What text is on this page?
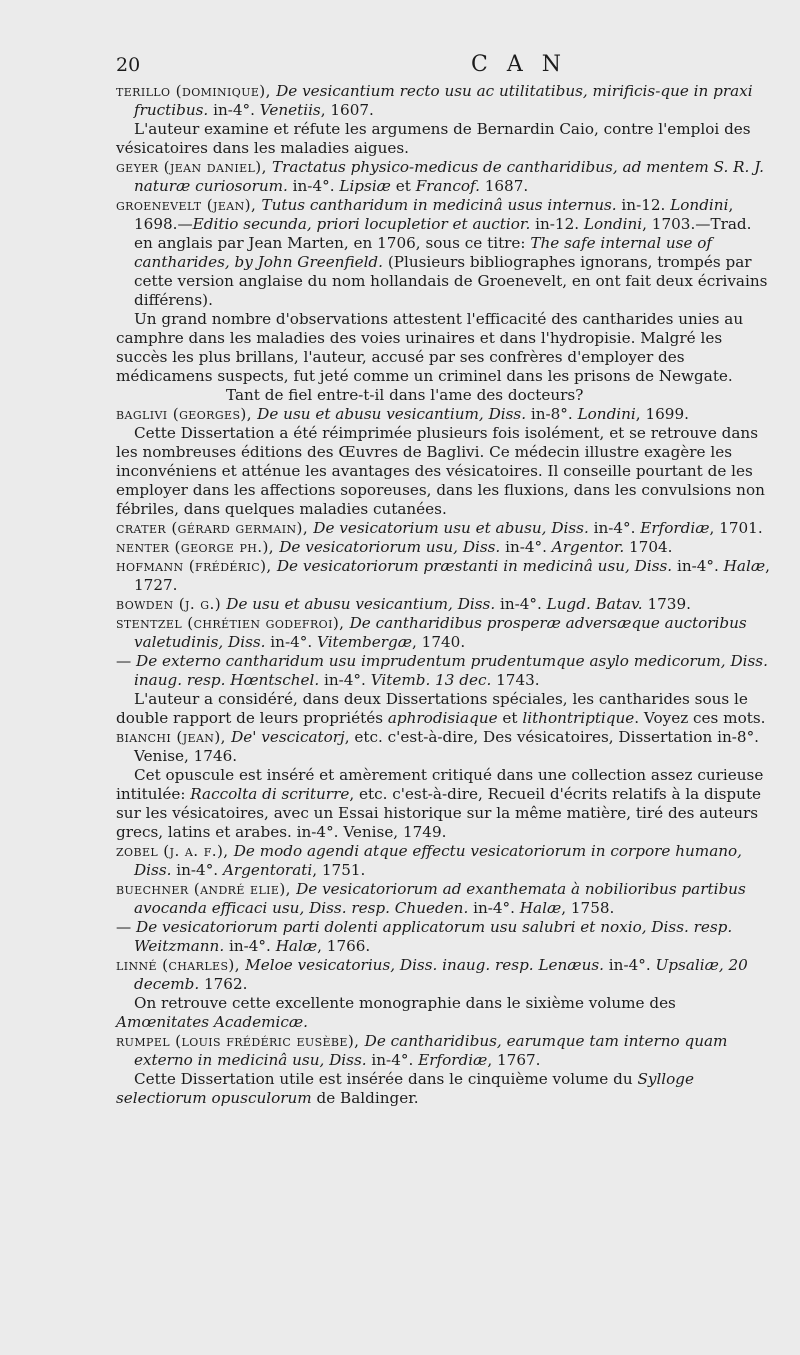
20	C A N

terillo (dominique), De vesicantium recto usu ac utilitatibus, mirificis-que in praxi fructibus. in-4°. Venetiis, 1607.

L'auteur examine et réfute les argumens de Bernardin Caio, contre l'emploi des vésicatoires dans les maladies aigues.

geyer (jean daniel), Tractatus physico-medicus de cantharidibus, ad mentem S. R. J. naturæ curiosorum. in-4°. Lipsiæ et Francof. 1687.

groenevelt (jean), Tutus cantharidum in medicinâ usus internus. in-12. Londini, 1698.—Editio secunda, priori locupletior et auctior. in-12. Londini, 1703.—Trad. en anglais par Jean Marten, en 1706, sous ce titre: The safe internal use of cantharides, by John Greenfield. (Plusieurs bibliographes ignorans, trompés par cette version anglaise du nom hollandais de Groenevelt, en ont fait deux écrivains différens).

Un grand nombre d'observations attestent l'efficacité des cantharides unies au camphre dans les maladies des voies urinaires et dans l'hydropisie. Malgré les succès les plus brillans, l'auteur, accusé par ses confrères d'employer des médicamens suspects, fut jeté comme un criminel dans les prisons de Newgate.

Tant de fiel entre-t-il dans l'ame des docteurs?

baglivi (georges), De usu et abusu vesicantium, Diss. in-8°. Londini, 1699.

Cette Dissertation a été réimprimée plusieurs fois isolément, et se retrouve dans les nombreuses éditions des Œuvres de Baglivi. Ce médecin illustre exagère les inconvéniens et atténue les avantages des vésicatoires. Il conseille pourtant de les employer dans les affections soporeuses, dans les fluxions, dans les convulsions non fébriles, dans quelques maladies cutanées.

crater (gérard germain), De vesicatorium usu et abusu, Diss. in-4°. Erfordiæ, 1701.

nenter (george ph.), De vesicatoriorum usu, Diss. in-4°. Argentor. 1704.

hofmann (frédéric), De vesicatoriorum præstanti in medicinâ usu, Diss. in-4°. Halæ, 1727.

bowden (j. g.) De usu et abusu vesicantium, Diss. in-4°. Lugd. Batav. 1739.

stentzel (chrétien godefroi), De cantharidibus prosperæ adversæque auctoribus valetudinis, Diss. in-4°. Vitembergæ, 1740.

— De externo cantharidum usu imprudentum prudentumque asylo medicorum, Diss. inaug. resp. Hœntschel. in-4°. Vitemb. 13 dec. 1743.

L'auteur a considéré, dans deux Dissertations spéciales, les cantharides sous le double rapport de leurs propriétés aphrodisiaque et lithontriptique. Voyez ces mots.

bianchi (jean), De' vescicatorj, etc. c'est-à-dire, Des vésicatoires, Dissertation in-8°. Venise, 1746.

Cet opuscule est inséré et amèrement critiqué dans une collection assez curieuse intitulée: Raccolta di scriturre, etc. c'est-à-dire, Recueil d'écrits relatifs à la dispute sur les vésicatoires, avec un Essai historique sur la même matière, tiré des auteurs grecs, latins et arabes. in-4°. Venise, 1749.

zobel (j. a. f.), De modo agendi atque effectu vesicatoriorum in corpore humano, Diss. in-4°. Argentorati, 1751.

buechner (andré elie), De vesicatoriorum ad exanthemata à nobilioribus partibus avocanda efficaci usu, Diss. resp. Chueden. in-4°. Halæ, 1758.

— De vesicatoriorum parti dolenti applicatorum usu salubri et noxio, Diss. resp. Weitzmann. in-4°. Halæ, 1766.

linné (charles), Meloe vesicatorius, Diss. inaug. resp. Lenæus. in-4°. Upsaliæ, 20 decemb. 1762.

On retrouve cette excellente monographie dans le sixième volume des Amœnitates Academicæ.

rumpel (louis frédéric eusèbe), De cantharidibus, earumque tam interno quam externo in medicinâ usu, Diss. in-4°. Erfordiæ, 1767.

Cette Dissertation utile est insérée dans le cinquième volume du Sylloge selectiorum opusculorum de Baldinger.
